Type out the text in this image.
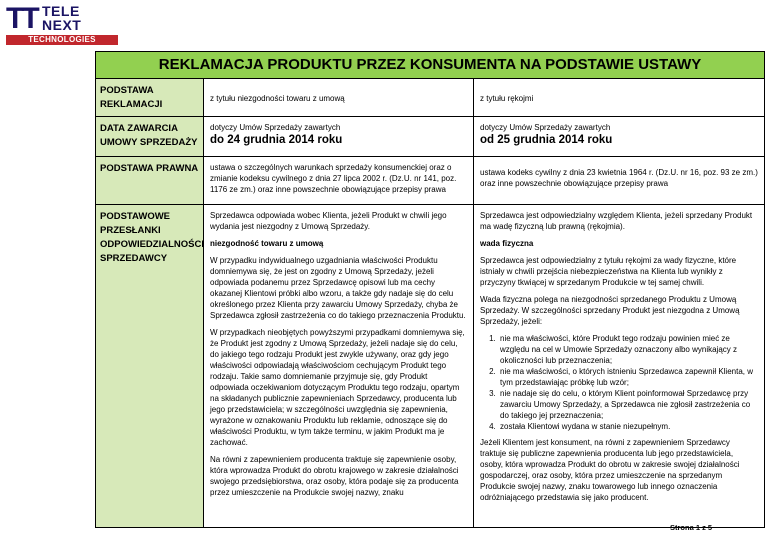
TT TELE
NEXT
TECHNOLOGIES
REKLAMACJA PRODUKTU PRZEZ KONSUMENTA NA PODSTAWIE USTAWY
PODSTAWA REKLAMACJI
z tytułu niezgodności towaru z umową	z tytułu rękojmi
DATA ZAWARCIA UMOWY SPRZEDAŻY
dotyczy Umów Sprzedaży zawartych
do 24 grudnia 2014 roku
dotyczy Umów Sprzedaży zawartych
od 25 grudnia 2014 roku
PODSTAWA PRAWNA	ustawa o szczególnych warunkach sprzedaży konsumenckiej oraz o zmianie kodeksu cywilnego z dnia 27 lipca 2002 r. (Dz.U. nr 141, poz. 1176 ze zm.) oraz inne powszechnie obowiązujące przepisy prawa
ustawa kodeks cywilny z dnia 23 kwietnia 1964 r. (Dz.U. nr 16, poz. 93 ze zm.) oraz inne powszechnie obowiązujące przepisy prawa
PODSTAWOWE PRZESŁANKI ODPOWIEDZIALNOŚCI SPRZEDAWCY

Sprzedawca odpowiada wobec Klienta, jeżeli Produkt w chwili jego wydania jest niezgodny z Umową Sprzedaży.

niezgodność towaru z umową

W przypadku indywidualnego uzgadniania właściwości Produktu domniemywa się, że jest on zgodny z Umową Sprzedaży, jeżeli odpowiada podanemu przez Sprzedawcę opisowi lub ma cechy okazanej Klientowi próbki albo wzoru, a także gdy nadaje się do celu określonego przez Klienta przy zawarciu Umowy Sprzedaży, chyba że Sprzedawca zgłosił zastrzeżenia co do takiego przeznaczenia Produktu.

W przypadkach nieobjętych powyższymi przypadkami domniemywa się, że Produkt jest zgodny z Umową Sprzedaży, jeżeli nadaje się do celu, do jakiego tego rodzaju Produkt jest zwykle używany, oraz gdy jego właściwości odpowiadają właściwościom cechującym Produkt tego rodzaju. Takie samo domniemanie przyjmuje się, gdy Produkt odpowiada oczekiwaniom dotyczącym Produktu tego rodzaju, opartym na składanych publicznie zapewnieniach Sprzedawcy, producenta lub jego przedstawiciela; w szczególności uwzględnia się zapewnienia, wyrażone w oznakowaniu Produktu lub reklamie, odnoszące się do właściwości Produktu, w tym także terminu, w jakim Produkt ma je zachować.

Na równi z zapewnieniem producenta traktuje się zapewnienie osoby, która wprowadza Produkt do obrotu krajowego w zakresie działalności swojego przedsiębiorstwa, oraz osoby, która podaje się za producenta przez umieszczenie na Produkcie swojej nazwy, znaku

Sprzedawca jest odpowiedzialny względem Klienta, jeżeli sprzedany Produkt ma wadę fizyczną lub prawną (rękojmia).

wada fizyczna

Sprzedawca jest odpowiedzialny z tytułu rękojmi za wady fizyczne, które istniały w chwili przejścia niebezpieczeństwa na Klienta lub wynikły z przyczyny tkwiącej w sprzedanym Produkcie w tej samej chwili.

Wada fizyczna polega na niezgodności sprzedanego Produktu z Umową Sprzedaży. W szczególności sprzedany Produkt jest niezgodna z Umową Sprzedaży, jeżeli:

1. nie ma właściwości, które Produkt tego rodzaju powinien mieć ze względu na cel w Umowie Sprzedaży oznaczony albo wynikający z okoliczności lub przeznaczenia;
2. nie ma właściwości, o których istnieniu Sprzedawca zapewnił Klienta, w tym przedstawiając próbkę lub wzór;
3. nie nadaje się do celu, o którym Klient poinformował Sprzedawcę przy zawarciu Umowy Sprzedaży, a Sprzedawca nie zgłosił zastrzeżenia co do takiego jej przeznaczenia;
4. została Klientowi wydana w stanie niezupełnym.

Jeżeli Klientem jest konsument, na równi z zapewnieniem Sprzedawcy traktuje się publiczne zapewnienia producenta lub jego przedstawiciela, osoby, która wprowadza Produkt do obrotu w zakresie swojej działalności gospodarczej, oraz osoby, która przez umieszczenie na sprzedanym Produkcie swojej nazwy, znaku towarowego lub innego oznaczenia odróżniającego przedstawia się jako producent.

Strona 1 z 5
